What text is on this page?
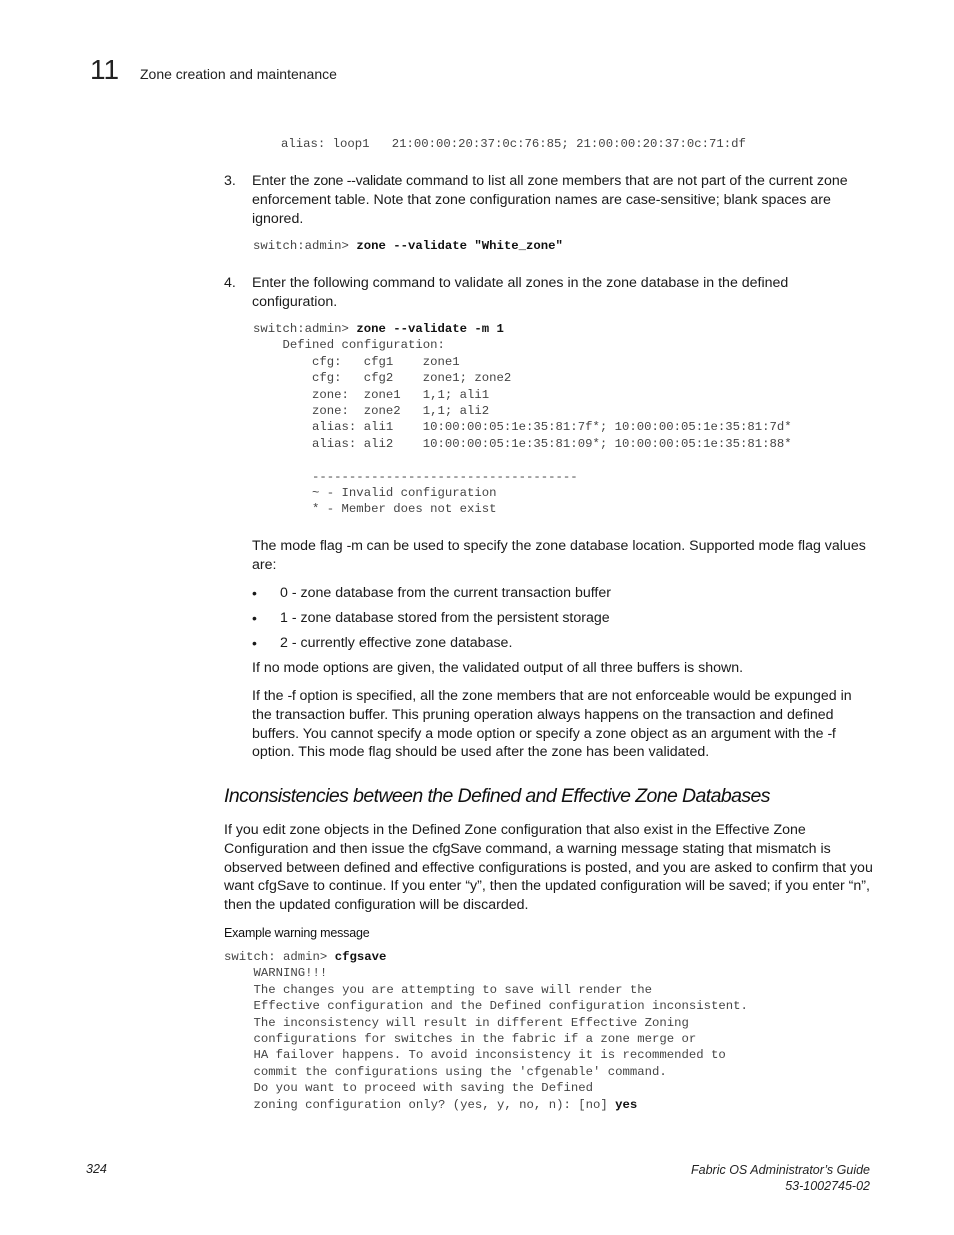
11 Zone creation and maintenance
alias: loop1   21:00:00:20:37:0c:76:85; 21:00:00:20:37:0c:71:df
3. Enter the zone --validate command to list all zone members that are not part of the current zone enforcement table. Note that zone configuration names are case-sensitive; blank spaces are ignored.

switch:admin> zone --validate "White_zone"
4. Enter the following command to validate all zones in the zone database in the defined configuration.

switch:admin> zone --validate -m 1
Defined configuration:
cfg:   cfg1    zone1
cfg:   cfg2    zone1; zone2
zone:  zone1   1,1; ali1
zone:  zone2   1,1; ali2
alias: ali1    10:00:00:05:1e:35:81:7f*; 10:00:00:05:1e:35:81:7d*
alias: ali2    10:00:00:05:1e:35:81:09*; 10:00:00:05:1e:35:81:88*

------------------------------------
~ - Invalid configuration
* - Member does not exist

The mode flag -m can be used to specify the zone database location. Supported mode flag values are:

• 0 - zone database from the current transaction buffer

• 1 - zone database stored from the persistent storage

• 2 - currently effective zone database.

If no mode options are given, the validated output of all three buffers is shown.

If the -f option is specified, all the zone members that are not enforceable would be expunged in the transaction buffer. This pruning operation always happens on the transaction and defined buffers. You cannot specify a mode option or specify a zone object as an argument with the -f option. This mode flag should be used after the zone has been validated.

Inconsistencies between the Defined and Effective Zone Databases

If you edit zone objects in the Defined Zone configuration that also exist in the Effective Zone Configuration and then issue the cfgSave command, a warning message stating that mismatch is observed between defined and effective configurations is posted, and you are asked to confirm that you want cfgSave to continue. If you enter “y”, then the updated configuration will be saved; if you enter “n”, then the updated configuration will be discarded.

Example warning message
switch: admin> cfgsave
WARNING!!!
The changes you are attempting to save will render the
Effective configuration and the Defined configuration inconsistent.
The inconsistency will result in different Effective Zoning
configurations for switches in the fabric if a zone merge or
HA failover happens. To avoid inconsistency it is recommended to
commit the configurations using the 'cfgenable' command.
Do you want to proceed with saving the Defined
zoning configuration only? (yes, y, no, n): [no] yes
324	Fabric OS Administrator’s Guide
53-1002745-02
